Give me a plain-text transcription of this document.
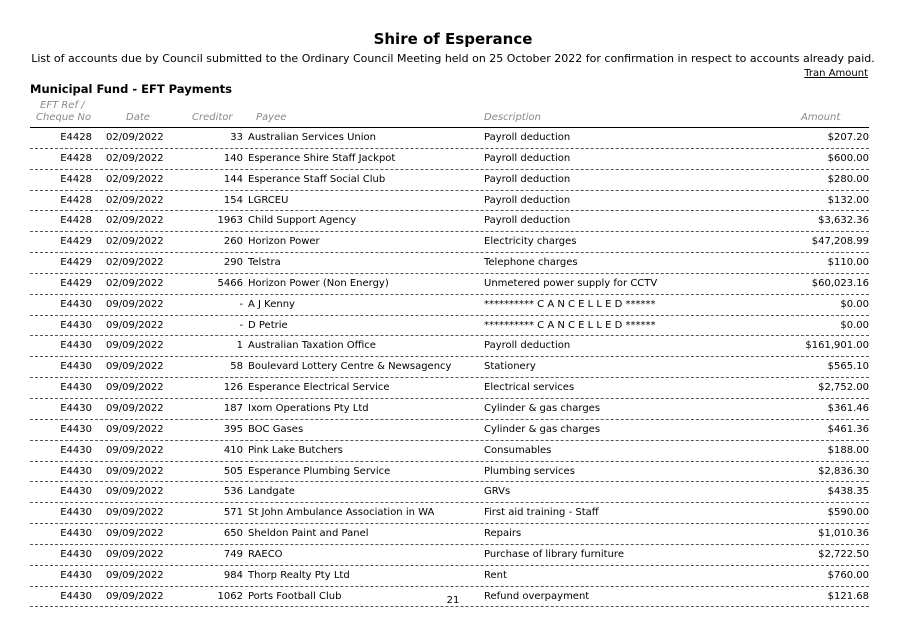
Shire of Esperance
List of accounts due by Council submitted to the Ordinary Council Meeting held on 25 October 2022 for confirmation in respect to accounts already paid.
Tran Amount
Municipal Fund - EFT Payments
EFT Ref /
Cheque No	Date	Creditor Payee	Description	Amount
E4428 02/09/2022	33 Australian Services Union	Payroll deduction	$207.20
E4428 02/09/2022	140 Esperance Shire Staff Jackpot	Payroll deduction	$600.00
E4428 02/09/2022	144 Esperance Staff Social Club	Payroll deduction	$280.00
E4428 02/09/2022	154 LGRCEU	Payroll deduction	$132.00
E4428 02/09/2022	1963 Child Support Agency	Payroll deduction	$3,632.36
E4429 02/09/2022	260 Horizon Power	Electricity charges	$47,208.99
E4429 02/09/2022	290 Telstra	Telephone charges	$110.00
E4429 02/09/2022	5466 Horizon Power (Non Energy)	Unmetered power supply for CCTV	$60,023.16
E4430 09/09/2022	- A J Kenny	********** C A N C E L L E D ******	$0.00
E4430 09/09/2022	- D Petrie	********** C A N C E L L E D ******	$0.00
E4430 09/09/2022	1 Australian Taxation Office	Payroll deduction	$161,901.00
E4430 09/09/2022	58 Boulevard Lottery Centre & Newsagency	Stationery	$565.10
E4430 09/09/2022	126 Esperance Electrical Service	Electrical services	$2,752.00
E4430 09/09/2022	187 Ixom Operations Pty Ltd	Cylinder & gas charges	$361.46
E4430 09/09/2022	395 BOC Gases	Cylinder & gas charges	$461.36
E4430 09/09/2022	410 Pink Lake Butchers	Consumables	$188.00
E4430 09/09/2022	505 Esperance Plumbing Service	Plumbing services	$2,836.30
E4430 09/09/2022	536 Landgate	GRVs	$438.35
E4430 09/09/2022	571 St John Ambulance Association in WA	First aid training - Staff	$590.00
E4430 09/09/2022	650 Sheldon Paint and Panel	Repairs	$1,010.36
E4430 09/09/2022	749 RAECO	Purchase of library furniture	$2,722.50
E4430 09/09/2022	984 Thorp Realty Pty Ltd	Rent	$760.00
E4430 09/09/2022	1062 Ports Football Club	Refund overpayment	$121.68
21
